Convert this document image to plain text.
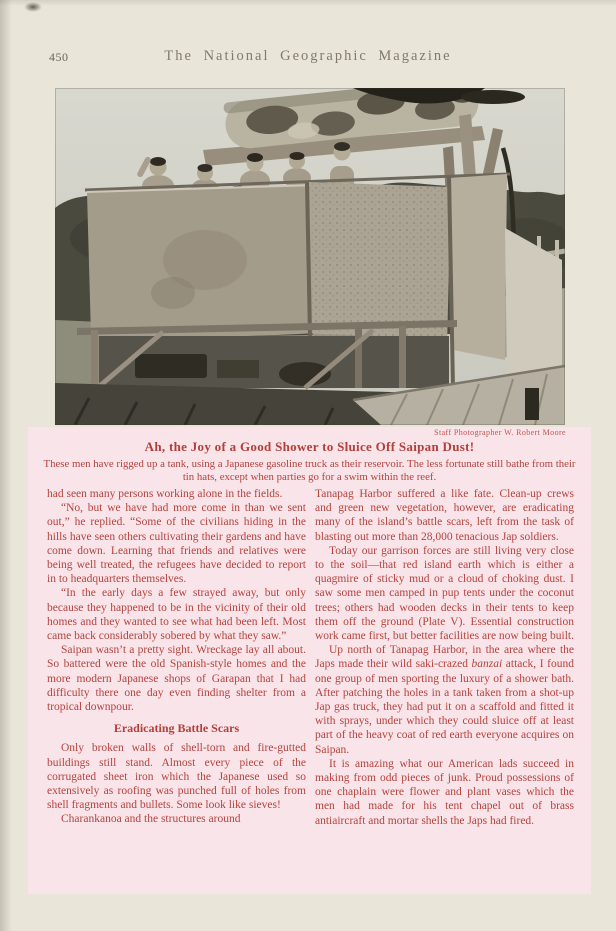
450	The National Geographic Magazine
Staff Photographer W. Robert Moore
Ah, the Joy of a Good Shower to Sluice Off Saipan Dust!
These men have rigged up a tank, using a Japanese gasoline truck as their reservoir. The less fortunate still bathe from their tin hats, except when parties go for a swim within the reef.

had seen many persons working alone in the fields.

“No, but we have had more come in than we sent out,” he replied. “Some of the civilians hiding in the hills have seen others cultivating their gardens and have come down. Learning that friends and relatives were being well treated, the refugees have decided to report in to headquarters themselves.

“In the early days a few strayed away, but only because they happened to be in the vicinity of their old homes and they wanted to see what had been left. Most came back considerably sobered by what they saw.”

Saipan wasn’t a pretty sight. Wreckage lay all about. So battered were the old Spanish-style homes and the more modern Japanese shops of Garapan that I had difficulty there one day even finding shelter from a tropical downpour.

Eradicating Battle Scars

Only broken walls of shell-torn and fire-gutted buildings still stand. Almost every piece of the corrugated sheet iron which the Japanese used so extensively as roofing was punched full of holes from shell fragments and bullets. Some look like sieves!

Charankanoa and the structures around

Tanapag Harbor suffered a like fate. Clean-up crews and green new vegetation, however, are eradicating many of the island’s battle scars, left from the task of blasting out more than 28,000 tenacious Jap soldiers.

Today our garrison forces are still living very close to the soil—that red island earth which is either a quagmire of sticky mud or a cloud of choking dust. I saw some men camped in pup tents under the coconut trees; others had wooden decks in their tents to keep them off the ground (Plate V). Essential construction work came first, but better facilities are now being built.

Up north of Tanapag Harbor, in the area where the Japs made their wild saki-crazed banzai attack, I found one group of men sporting the luxury of a shower bath. After patching the holes in a tank taken from a shot-up Jap gas truck, they had put it on a scaffold and fitted it with sprays, under which they could sluice off at least part of the heavy coat of red earth everyone acquires on Saipan.

It is amazing what our American lads succeed in making from odd pieces of junk. Proud possessions of one chaplain were flower and plant vases which the men had made for his tent chapel out of brass antiaircraft and mortar shells the Japs had fired.
